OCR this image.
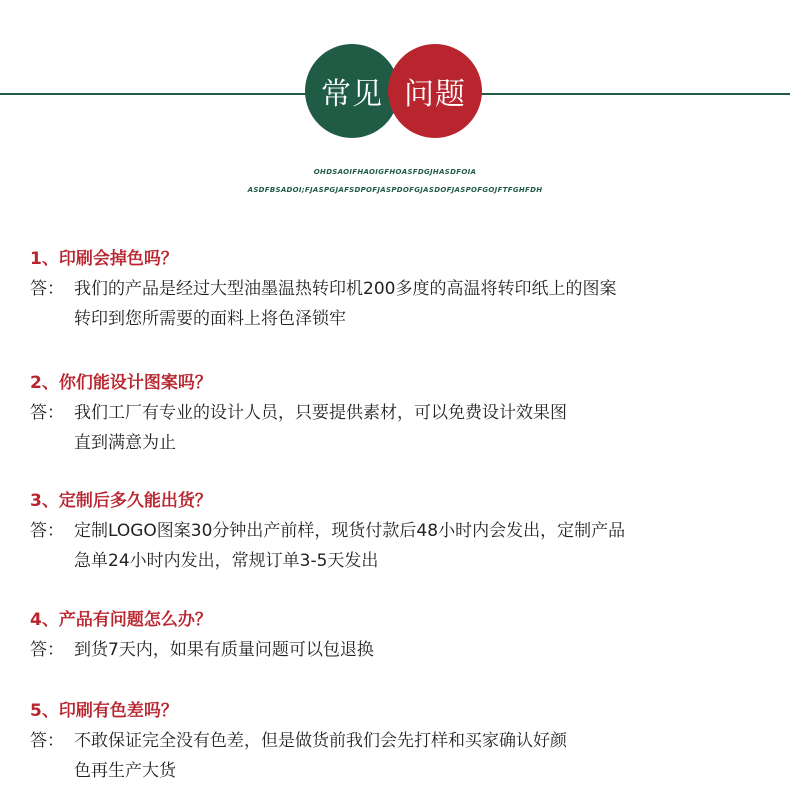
常见 问题
OHDSAOIFHAOIGFHOASFDGJHASDFOIA
ASDFBSADOI;FJASPGJAFSDPOFJASPDOFGJASDOFJASPOFGOJFTFGHFDH
1、印刷会掉色吗？
答： 我们的产品是经过大型油墨温热转印机200多度的高温将转印纸上的图案
转印到您所需要的面料上将色泽锁牢
2、你们能设计图案吗？
答： 我们工厂有专业的设计人员，只要提供素材，可以免费设计效果图
直到满意为止
3、定制后多久能出货？
答： 定制LOGO图案30分钟出产前样，现货付款后48小时内会发出，定制产品
急单24小时内发出，常规订单3-5天发出
4、产品有问题怎么办？
答： 到货7天内，如果有质量问题可以包退换
5、印刷有色差吗？
答： 不敢保证完全没有色差，但是做货前我们会先打样和买家确认好颜
色再生产大货
